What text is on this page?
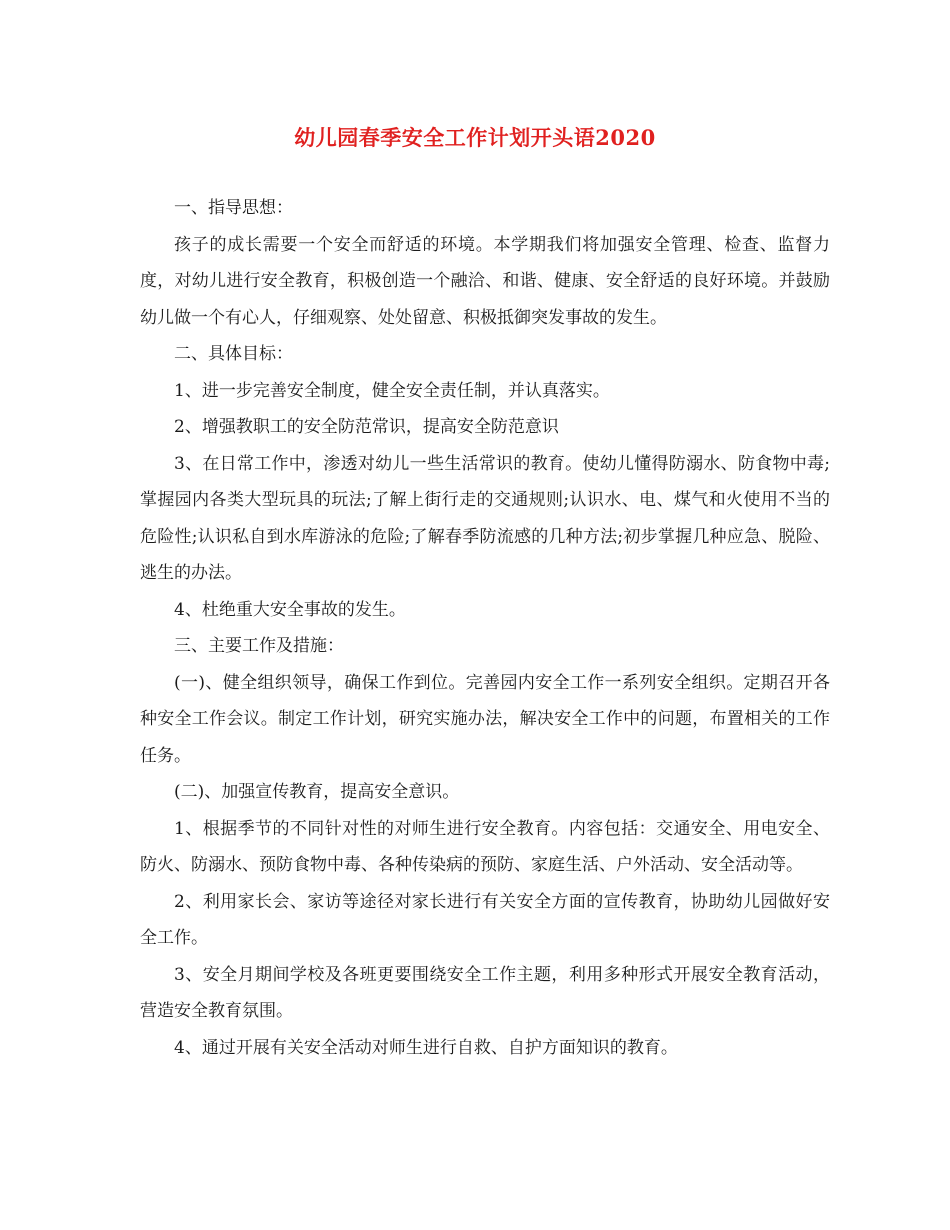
幼儿园春季安全工作计划开头语2020

一、指导思想：

孩子的成长需要一个安全而舒适的环境。本学期我们将加强安全管理、检查、监督力度，对幼儿进行安全教育，积极创造一个融洽、和谐、健康、安全舒适的良好环境。并鼓励幼儿做一个有心人，仔细观察、处处留意、积极抵御突发事故的发生。

二、具体目标：

1、进一步完善安全制度，健全安全责任制，并认真落实。

2、增强教职工的安全防范常识，提高安全防范意识

3、在日常工作中，渗透对幼儿一些生活常识的教育。使幼儿懂得防溺水、防食物中毒;掌握园内各类大型玩具的玩法;了解上街行走的交通规则;认识水、电、煤气和火使用不当的危险性;认识私自到水库游泳的危险;了解春季防流感的几种方法;初步掌握几种应急、脱险、逃生的办法。

4、杜绝重大安全事故的发生。

三、主要工作及措施：

(一)、健全组织领导，确保工作到位。完善园内安全工作一系列安全组织。定期召开各种安全工作会议。制定工作计划，研究实施办法，解决安全工作中的问题，布置相关的工作任务。

(二)、加强宣传教育，提高安全意识。

1、根据季节的不同针对性的对师生进行安全教育。内容包括：交通安全、用电安全、防火、防溺水、预防食物中毒、各种传染病的预防、家庭生活、户外活动、安全活动等。

2、利用家长会、家访等途径对家长进行有关安全方面的宣传教育，协助幼儿园做好安全工作。

3、安全月期间学校及各班更要围绕安全工作主题，利用多种形式开展安全教育活动，营造安全教育氛围。

4、通过开展有关安全活动对师生进行自救、自护方面知识的教育。
